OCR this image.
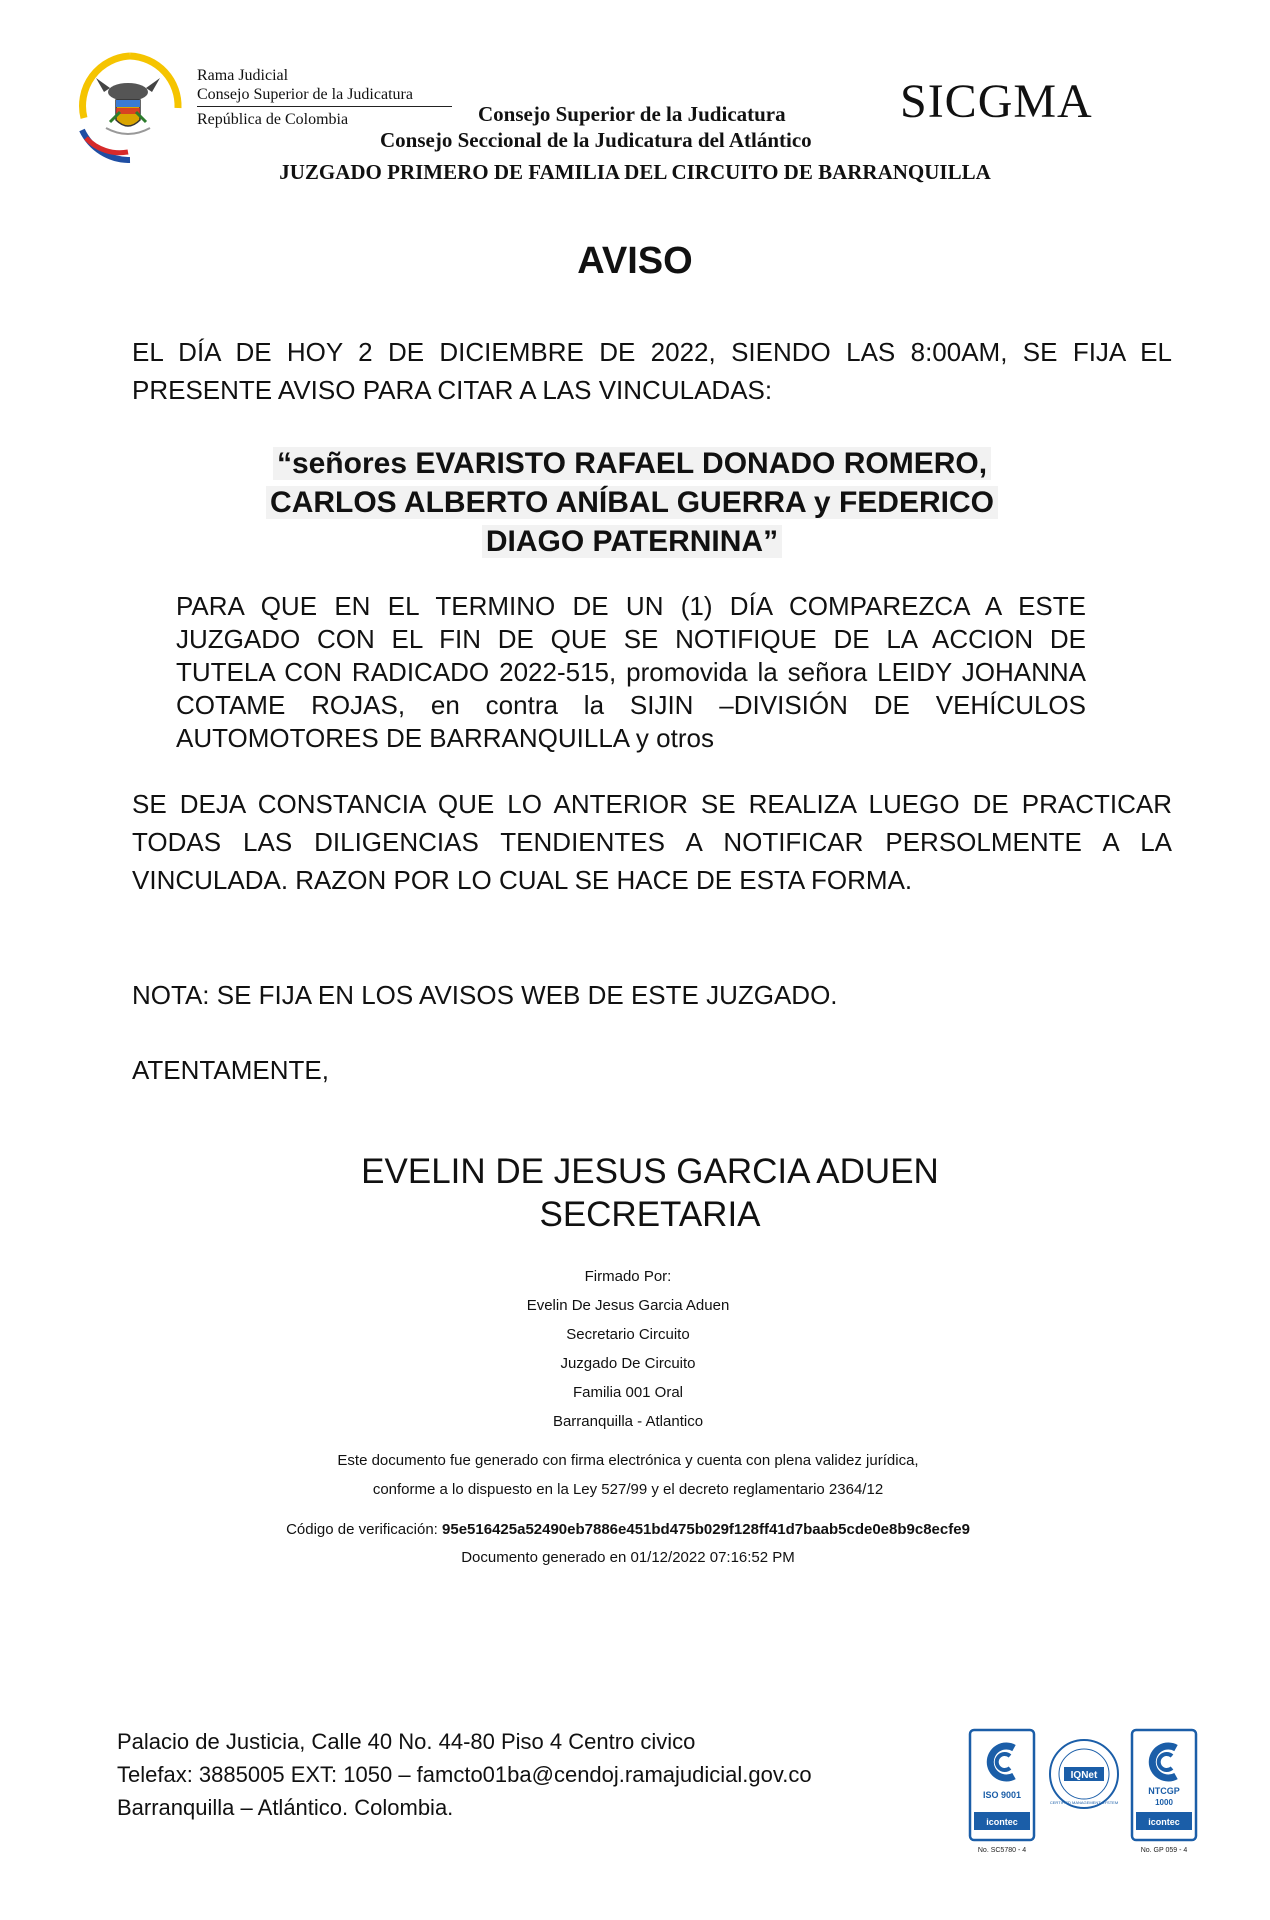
Rama Judicial
Consejo Superior de la Judicatura
República de Colombia	Consejo Superior de la Judicatura
Consejo Seccional de la Judicatura del Atlántico
SICGMA
JUZGADO PRIMERO DE FAMILIA DEL CIRCUITO DE BARRANQUILLA
AVISO
EL DÍA DE HOY 2 DE DICIEMBRE DE 2022, SIENDO LAS 8:00AM, SE FIJA EL PRESENTE AVISO PARA CITAR A LAS VINCULADAS:
“señores EVARISTO RAFAEL DONADO ROMERO,
CARLOS ALBERTO ANÍBAL GUERRA y FEDERICO
DIAGO PATERNINA”
PARA QUE EN EL TERMINO DE UN (1) DÍA COMPAREZCA A ESTE JUZGADO CON EL FIN DE QUE SE NOTIFIQUE DE LA ACCION DE TUTELA CON RADICADO 2022-515, promovida la señora LEIDY JOHANNA COTAME ROJAS, en contra la SIJIN –DIVISIÓN DE VEHÍCULOS AUTOMOTORES DE BARRANQUILLA y otros
SE DEJA CONSTANCIA QUE LO ANTERIOR SE REALIZA LUEGO DE PRACTICAR TODAS LAS DILIGENCIAS TENDIENTES A NOTIFICAR PERSOLMENTE A LA VINCULADA. RAZON POR LO CUAL SE HACE DE ESTA FORMA.
NOTA: SE FIJA EN LOS AVISOS WEB DE ESTE JUZGADO.
ATENTAMENTE,
EVELIN DE JESUS GARCIA ADUEN
SECRETARIA
Firmado Por:
Evelin De Jesus Garcia Aduen
Secretario Circuito
Juzgado De Circuito
Familia 001 Oral
Barranquilla - Atlantico
Este documento fue generado con firma electrónica y cuenta con plena validez jurídica,
conforme a lo dispuesto en la Ley 527/99 y el decreto reglamentario 2364/12
Código de verificación: 95e516425a52490eb7886e451bd475b029f128ff41d7baab5cde0e8b9c8ecfe9
Documento generado en 01/12/2022 07:16:52 PM
Palacio de Justicia, Calle 40 No. 44-80 Piso 4 Centro civico
Telefax: 3885005 EXT: 1050 – famcto01ba@cendoj.ramajudicial.gov.co
Barranquilla – Atlántico. Colombia.	ISO 9001
icontec
No. SC5780 - 4
IQNet
CERTIFIED MANAGEMENT SYSTEM
NTCGP
1000
icontec
No. GP 059 - 4
